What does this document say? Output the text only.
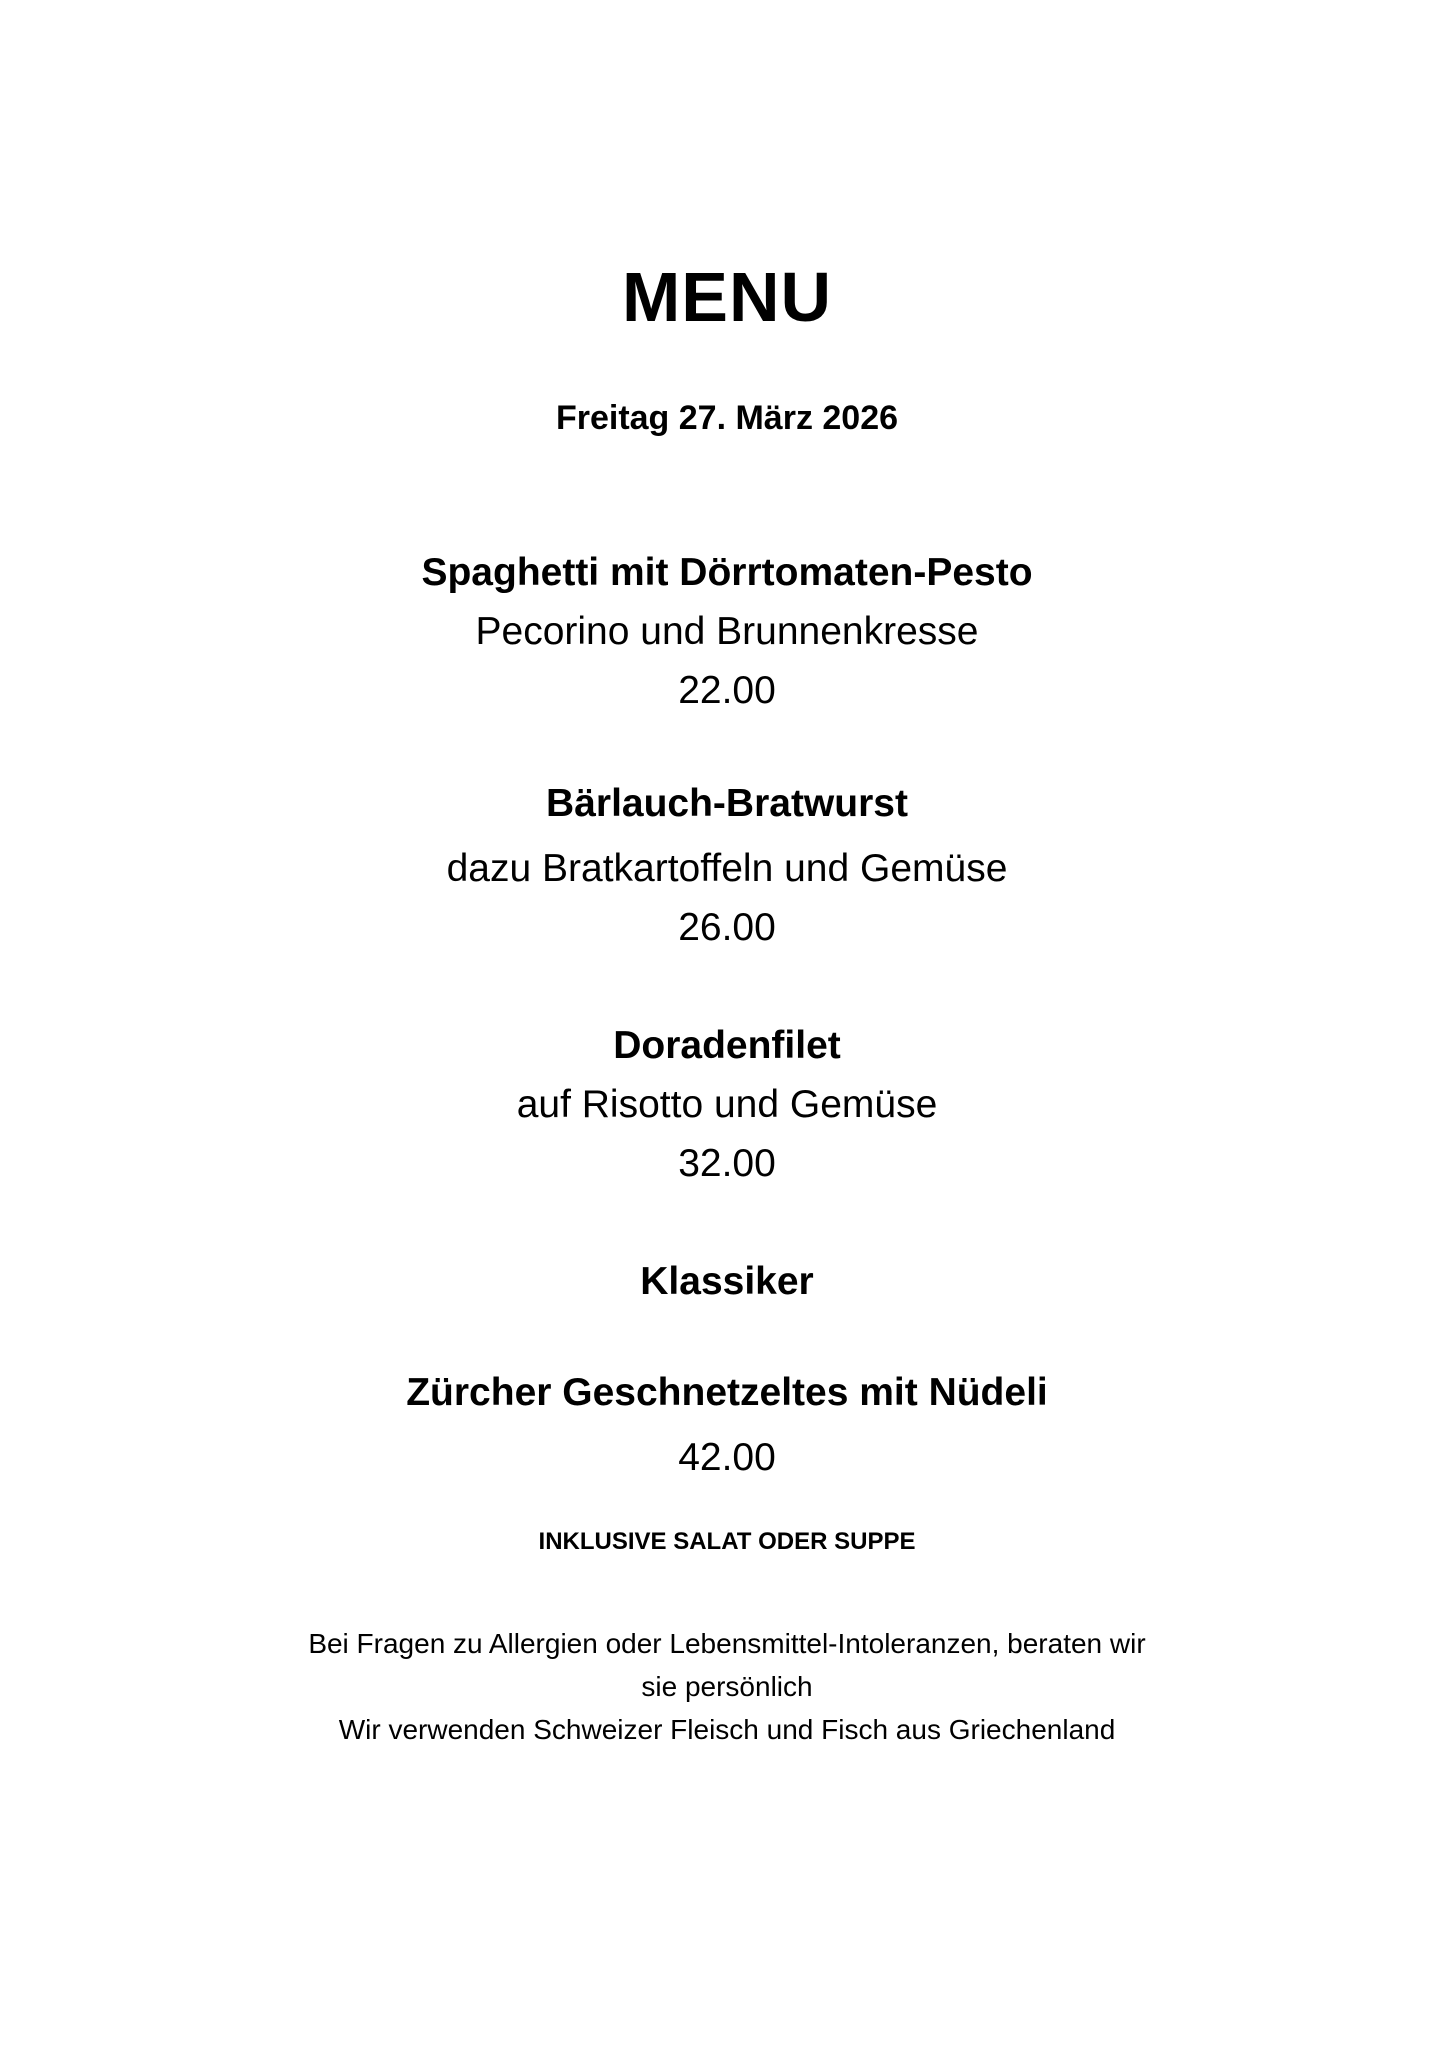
MENU
Freitag 27. März 2026
Spaghetti mit Dörrtomaten-Pesto
Pecorino und Brunnenkresse
22.00
Bärlauch-Bratwurst
dazu Bratkartoffeln und Gemüse
26.00
Doradenfilet
auf Risotto und Gemüse
32.00
Klassiker
Zürcher Geschnetzeltes mit Nüdeli
42.00
INKLUSIVE SALAT ODER SUPPE
Bei Fragen zu Allergien oder Lebensmittel-Intoleranzen, beraten wir
sie persönlich
Wir verwenden Schweizer Fleisch und Fisch aus Griechenland
